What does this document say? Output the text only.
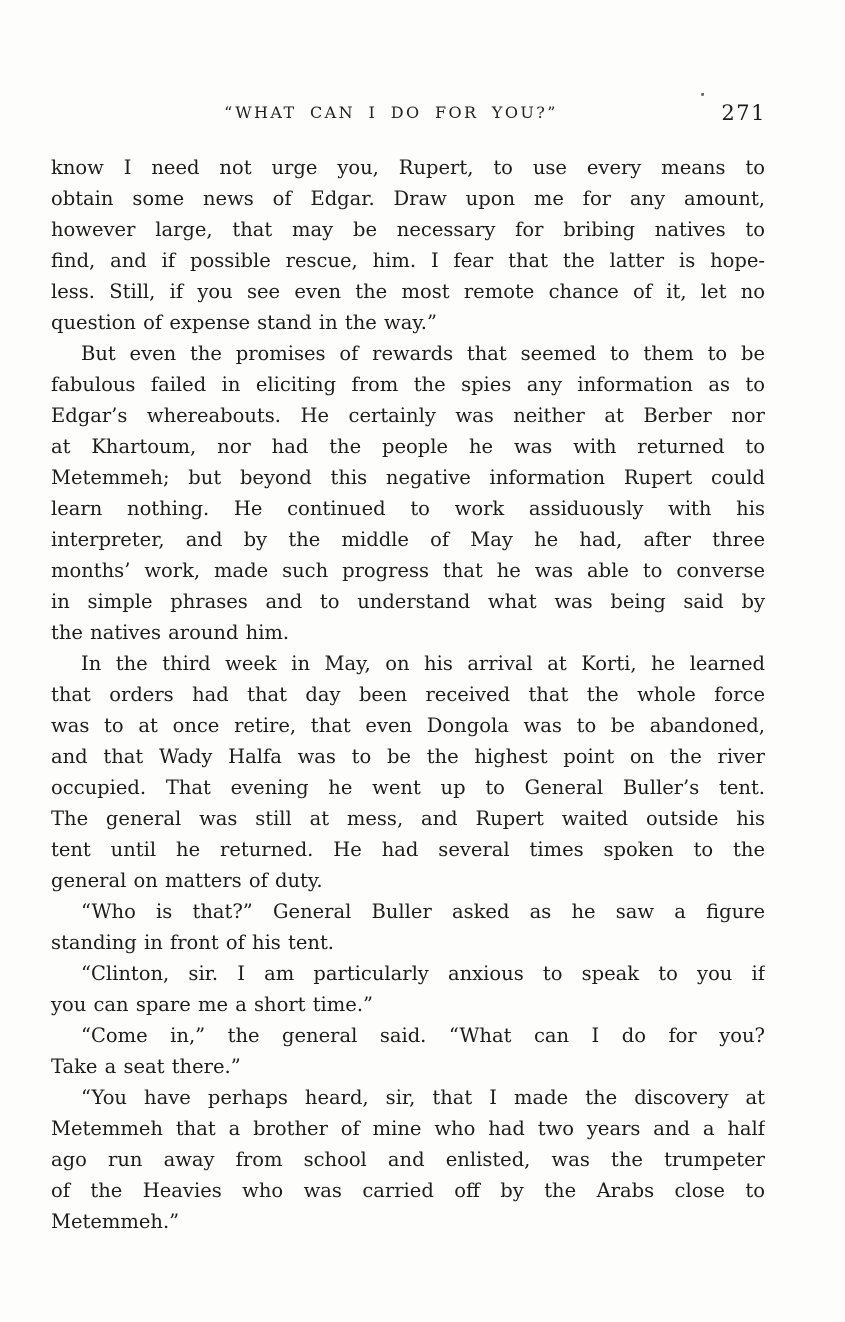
“WHAT CAN I DO FOR YOU?”	271

know I need not urge you, Rupert, to use every means to
obtain some news of Edgar. Draw upon me for any amount,
however large, that may be necessary for bribing natives to
find, and if possible rescue, him. I fear that the latter is hope-
less. Still, if you see even the most remote chance of it, let no
question of expense stand in the way.”

But even the promises of rewards that seemed to them to be
fabulous failed in eliciting from the spies any information as to
Edgar’s whereabouts. He certainly was neither at Berber nor
at Khartoum, nor had the people he was with returned to
Metemmeh; but beyond this negative information Rupert could
learn nothing. He continued to work assiduously with his
interpreter, and by the middle of May he had, after three
months’ work, made such progress that he was able to converse
in simple phrases and to understand what was being said by
the natives around him.

In the third week in May, on his arrival at Korti, he learned
that orders had that day been received that the whole force
was to at once retire, that even Dongola was to be abandoned,
and that Wady Halfa was to be the highest point on the river
occupied. That evening he went up to General Buller’s tent.
The general was still at mess, and Rupert waited outside his
tent until he returned. He had several times spoken to the
general on matters of duty.

“Who is that?” General Buller asked as he saw a figure
standing in front of his tent.

“Clinton, sir. I am particularly anxious to speak to you if
you can spare me a short time.”

“Come in,” the general said. “What can I do for you?
Take a seat there.”

“You have perhaps heard, sir, that I made the discovery at
Metemmeh that a brother of mine who had two years and a half
ago run away from school and enlisted, was the trumpeter
of the Heavies who was carried off by the Arabs close to
Metemmeh.”
